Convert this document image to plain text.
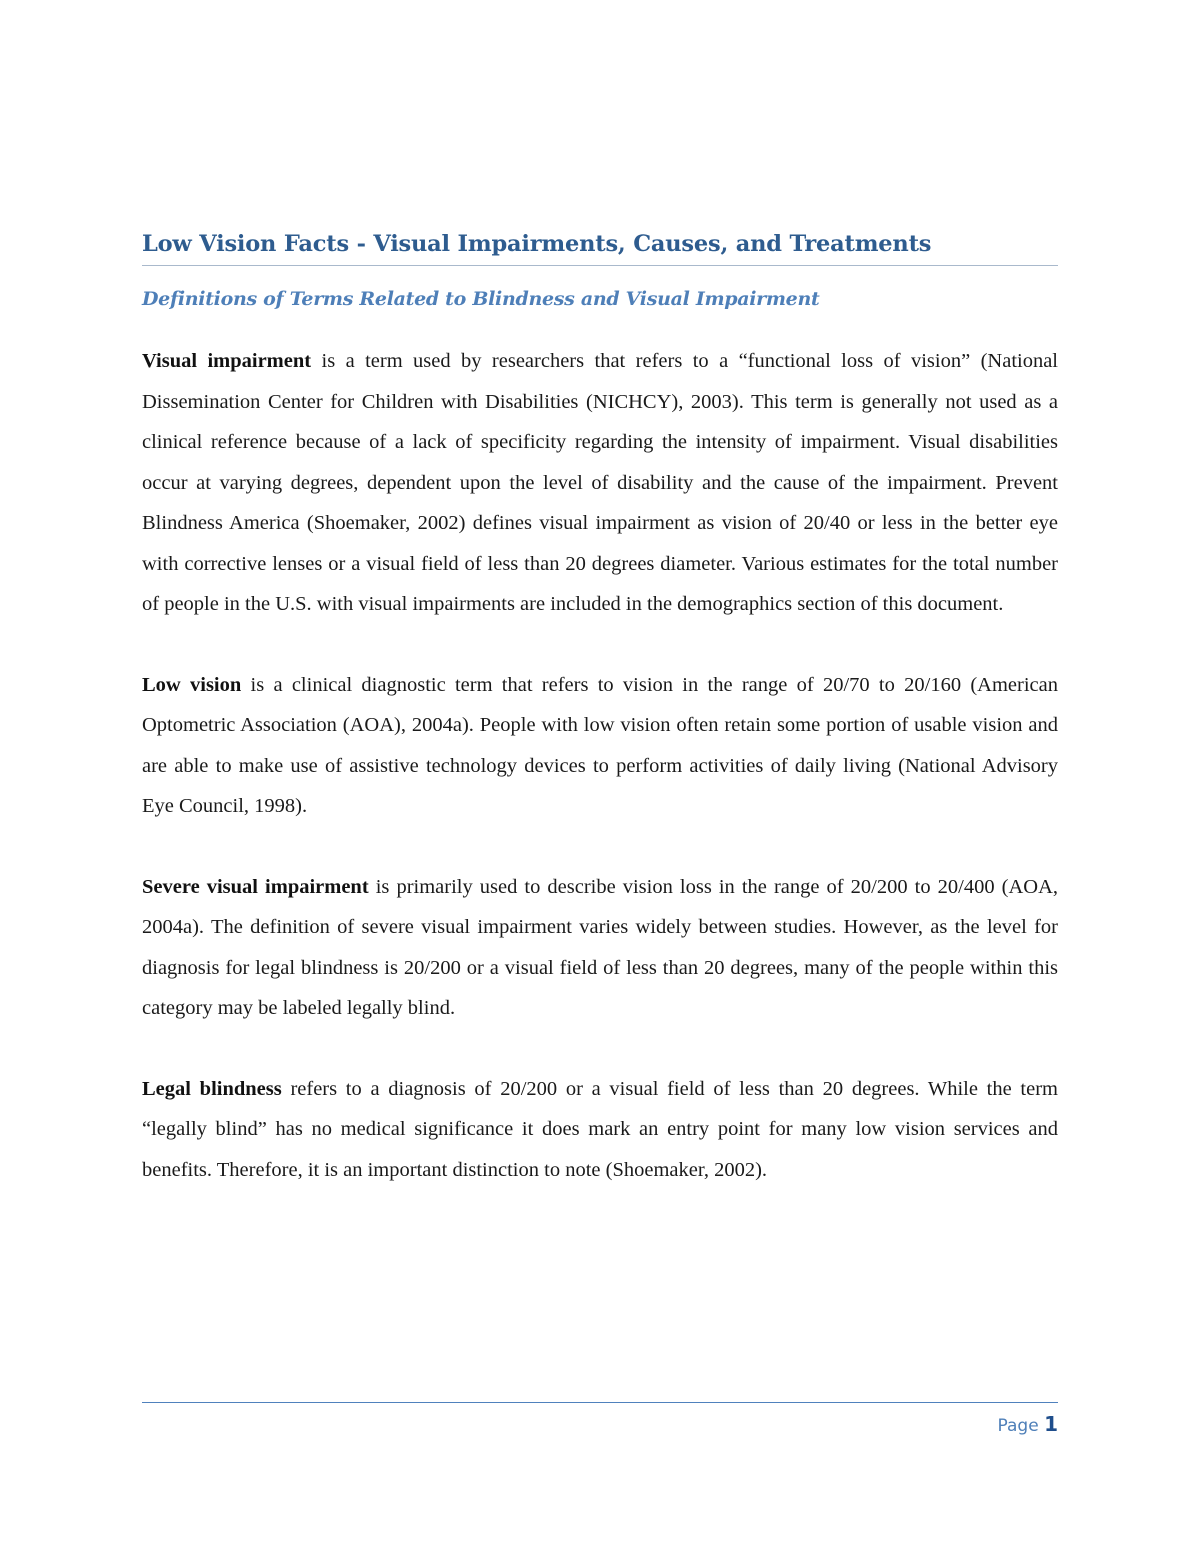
Low Vision Facts - Visual Impairments, Causes, and Treatments
Definitions of Terms Related to Blindness and Visual Impairment

Visual impairment is a term used by researchers that refers to a “functional loss of vision” (National Dissemination Center for Children with Disabilities (NICHCY), 2003). This term is generally not used as a clinical reference because of a lack of specificity regarding the intensity of impairment. Visual disabilities occur at varying degrees, dependent upon the level of disability and the cause of the impairment. Prevent Blindness America (Shoemaker, 2002) defines visual impairment as vision of 20/40 or less in the better eye with corrective lenses or a visual field of less than 20 degrees diameter. Various estimates for the total number of people in the U.S. with visual impairments are included in the demographics section of this document.

Low vision is a clinical diagnostic term that refers to vision in the range of 20/70 to 20/160 (American Optometric Association (AOA), 2004a). People with low vision often retain some portion of usable vision and are able to make use of assistive technology devices to perform activities of daily living (National Advisory Eye Council, 1998).

Severe visual impairment is primarily used to describe vision loss in the range of 20/200 to 20/400 (AOA, 2004a). The definition of severe visual impairment varies widely between studies. However, as the level for diagnosis for legal blindness is 20/200 or a visual field of less than 20 degrees, many of the people within this category may be labeled legally blind.

Legal blindness refers to a diagnosis of 20/200 or a visual field of less than 20 degrees. While the term “legally blind” has no medical significance it does mark an entry point for many low vision services and benefits. Therefore, it is an important distinction to note (Shoemaker, 2002).

Page 1
